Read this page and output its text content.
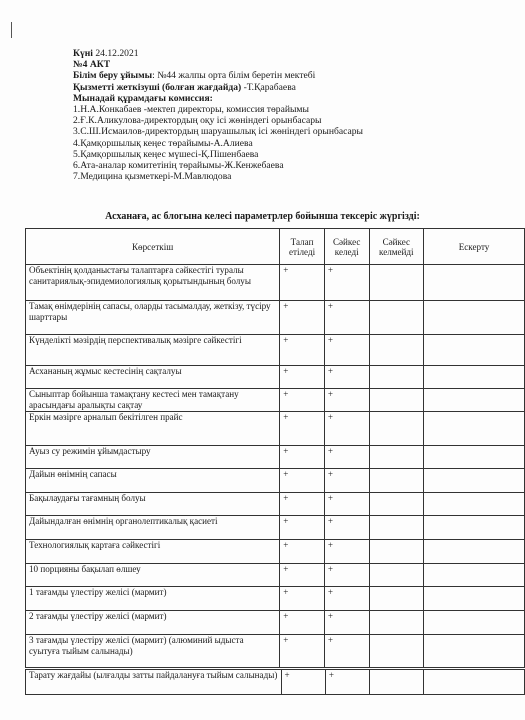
Күні 24.12.2021
№4 АКТ
Білім беру ұйымы: №44 жалпы орта білім беретін мектебі
Қызметті жеткізуші (болған жағдайда) -Т.Қарабаева
Мынадай құрамдағы комиссия:
1.Н.А.Конкабаев -мектеп директоры, комиссия төрайымы
2.Ғ.К.Аликулова-директордың оқу ісі жөніндегі орынбасары
3.С.Ш.Исмаилов-директордың шаруашылық ісі жөніндегі орынбасары
4.Қамқоршылық кеңес төрайымы-А.Алиева
5.Қамқоршылық кеңес мүшесі-Қ.Пішенбаева
6.Ата-аналар комитетінің төрайымы-Ж.Кенжебаева
7.Медицина қызметкері-М.Мавлюдова
Асханаға, ас блогына келесі параметрлер бойынша тексеріс жүргізді:
Көрсеткіш	Талап етіледі	Сәйкес келеді	Сәйкес келмейді	Ескерту
Объектінің қолданыстағы талаптарға сәйкестігі туралы санитариялық-эпидемиологиялық қорытындының болуы	+	+		
Тамақ өнімдерінің сапасы, оларды тасымалдау, жеткізу, түсіру шарттары	+	+		
Күнделікті мәзірдің перспективалық мәзірге сәйкестігі	+	+		
Асхананың жұмыс кестесінің сақталуы	+	+		
Сыныптар бойынша тамақтану кестесі мен тамақтану арасындағы аралықты сақтау	+	+		
Еркін мәзірге арналып бекітілген прайс	+	+		
Ауыз су режимін ұйымдастыру	+	+		
Дайын өнімнің сапасы	+	+		
Бақылаудағы тағамның болуы	+	+		
Дайындалған өнімнің органолептикалық қасиеті	+	+		
Технологиялық картаға сәйкестігі	+	+		
10 порцияны бақылап өлшеу	+	+		
1 тағамды үлестіру желісі (мармит)	+	+		
2 тағамды үлестіру желісі (мармит)	+	+		
3 тағамды үлестіру желісі (мармит) (алюминий ыдыста суытуға тыйым салынады)	+	+		
Тарату жағдайы (ылғалды затты пайдалануға тыйым салынады)	+	+		
